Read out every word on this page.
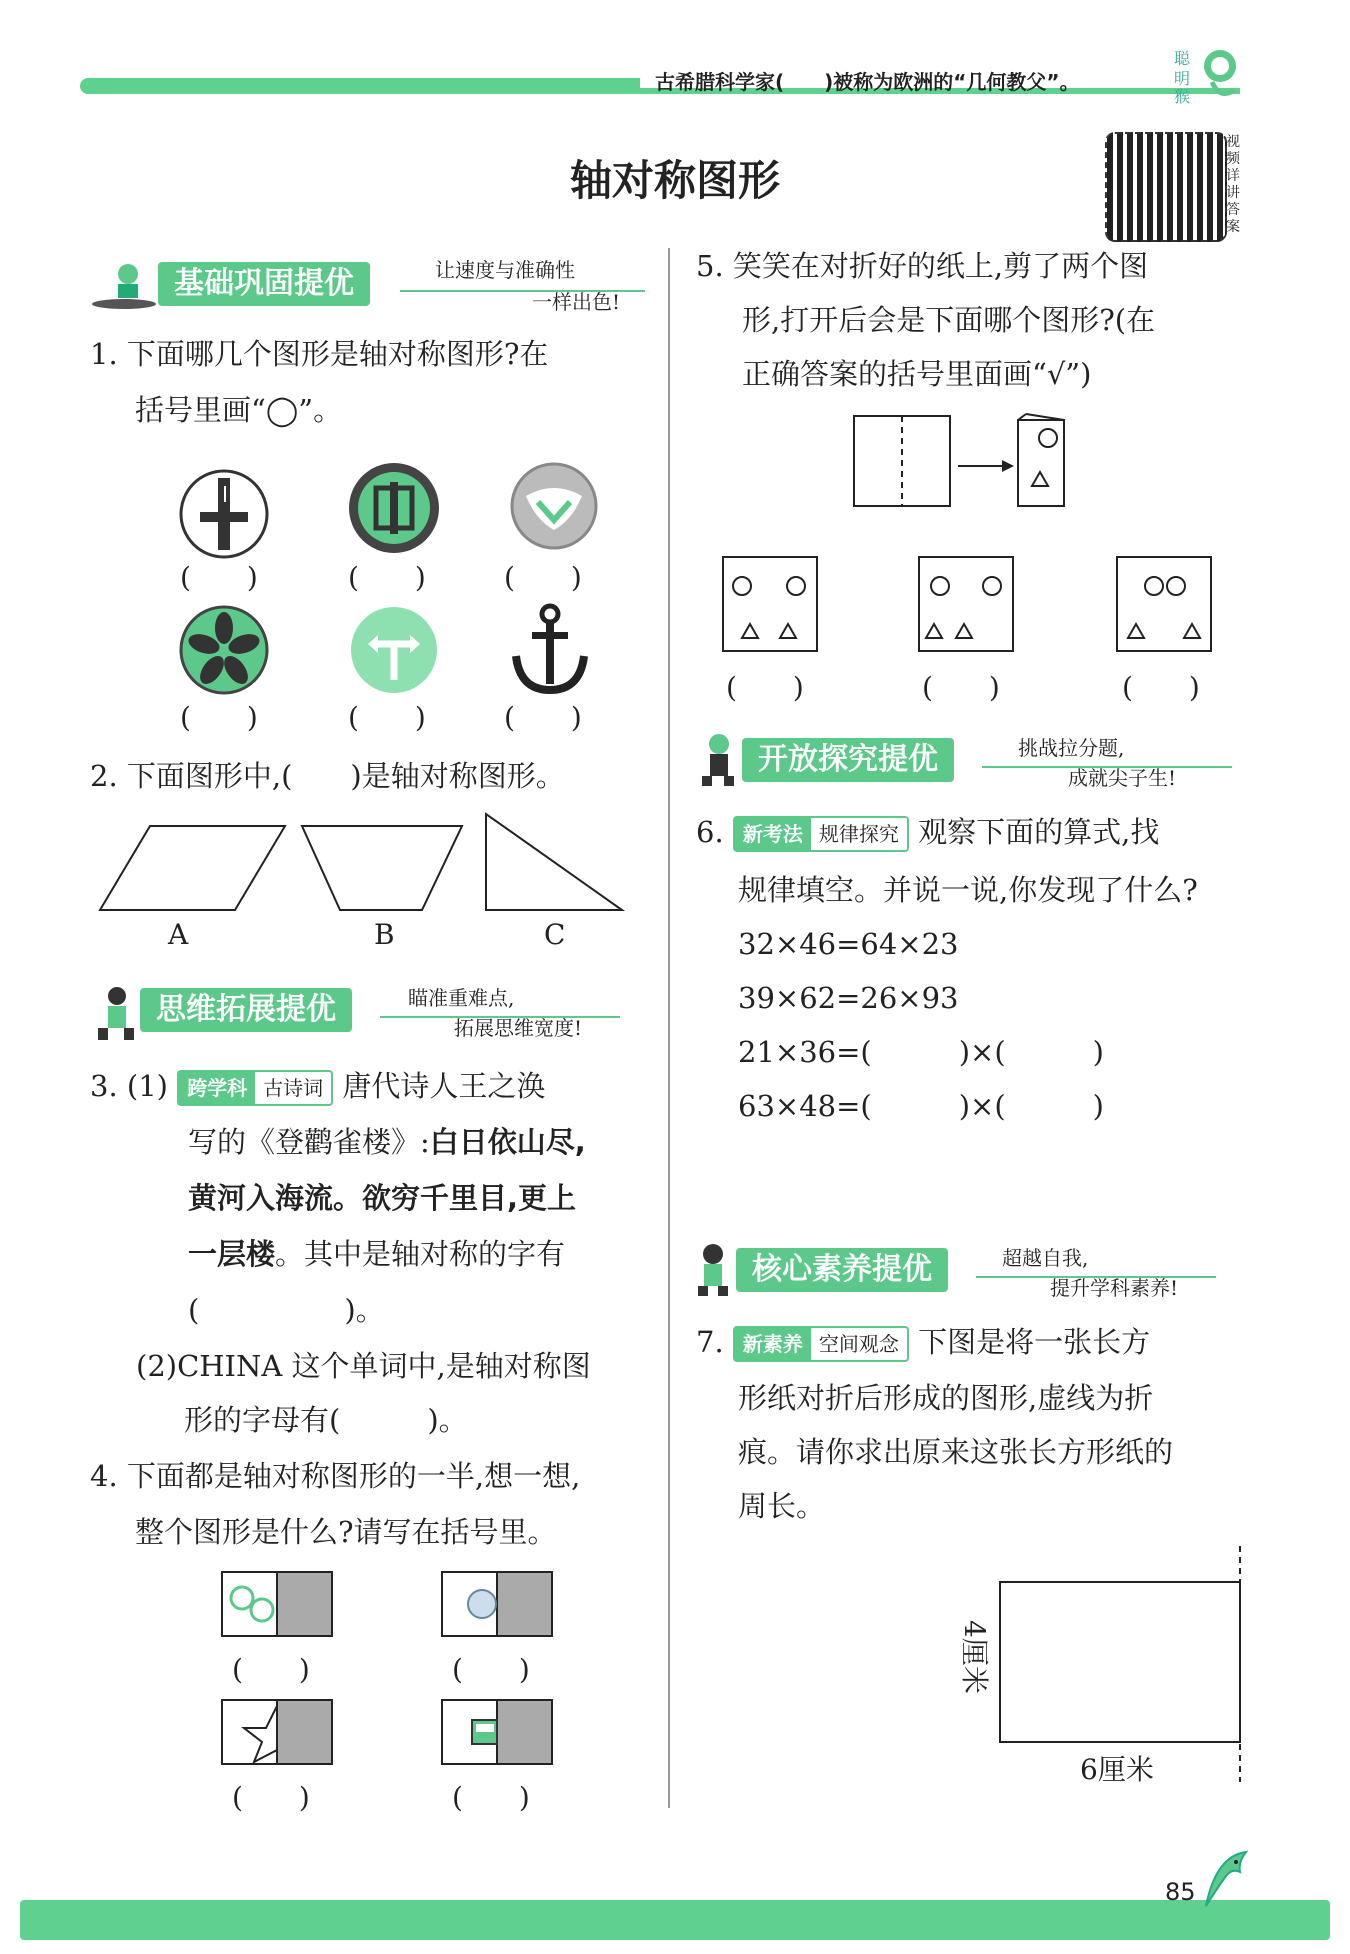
古希腊科学家(　　)被称为欧洲的“几何教父”。
聪
明
猴
轴对称图形
视频详讲答案
基础巩固提优	让速度与准确性
一样出色!
1. 下面哪几个图形是轴对称图形?在
括号里画“◯”。
(　　)	(　　)	(　　)
(　　)	(　　)	(　　)
2. 下面图形中,(　　)是轴对称图形。
A	B	C
思维拓展提优	瞄准重难点,
拓展思维宽度!
3. (1) 跨学科 古诗词 唐代诗人王之涣
写的《登鹳雀楼》:白日依山尽,
黄河入海流。欲穷千里目,更上
一层楼。其中是轴对称的字有
(　　　　　)。
(2)CHINA 这个单词中,是轴对称图
形的字母有(　　　)。
4. 下面都是轴对称图形的一半,想一想,
整个图形是什么?请写在括号里。
(　　)	(　　)
(　　)	(　　)
5. 笑笑在对折好的纸上,剪了两个图
形,打开后会是下面哪个图形?(在
正确答案的括号里面画“√”)
(　　)	(　　)	(　　)
开放探究提优	挑战拉分题,
成就尖子生!
6. 新考法 规律探究 观察下面的算式,找
规律填空。并说一说,你发现了什么?
32×46=64×23
39×62=26×93
21×36=(　　　)×(　　　)
63×48=(　　　)×(　　　)
核心素养提优	超越自我,
提升学科素养!
7. 新素养 空间观念 下图是将一张长方
形纸对折后形成的图形,虚线为折
痕。请你求出原来这张长方形纸的
周长。
4厘米
6厘米
85
